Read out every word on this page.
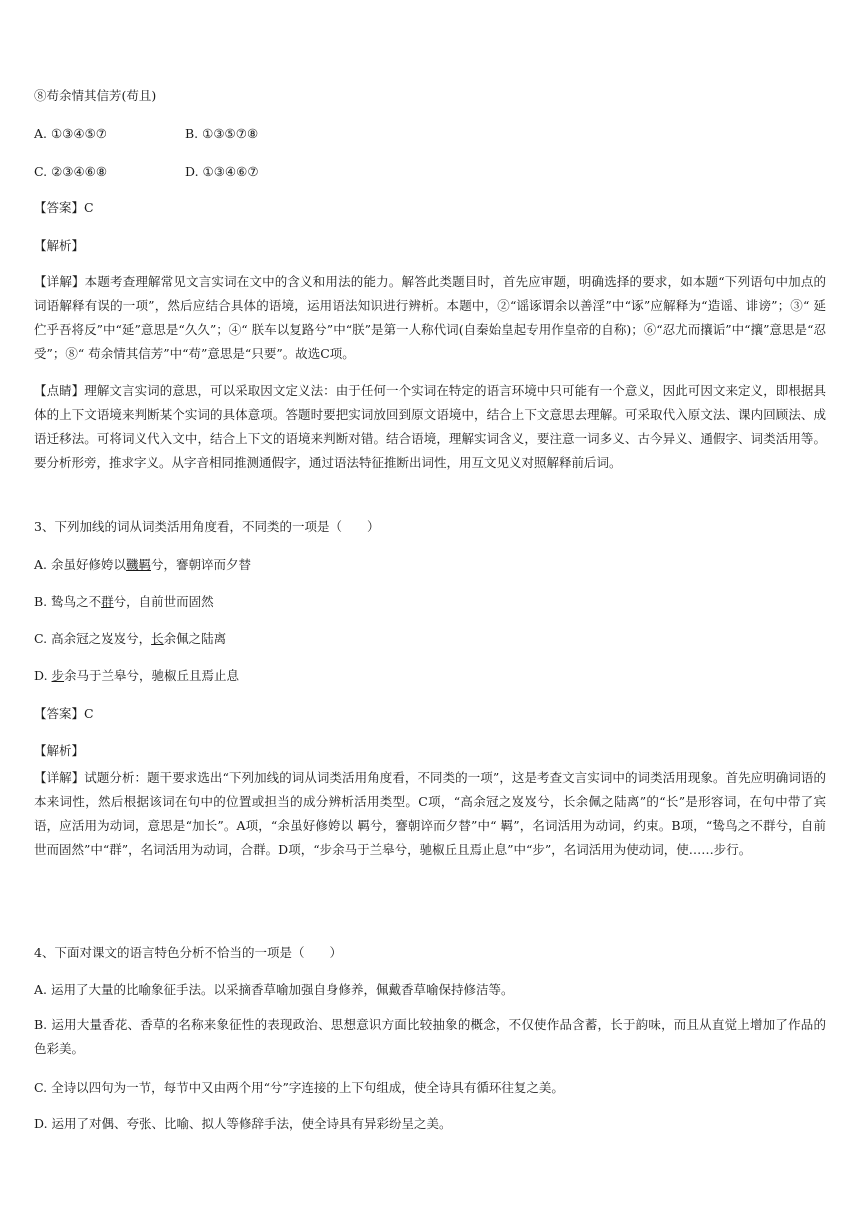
⑧苟余情其信芳(苟且)
A. ①③④⑤⑦	B. ①③⑤⑦⑧
C. ②③④⑥⑧	D. ①③④⑥⑦
【答案】C
【解析】
【详解】本题考查理解常见文言实词在文中的含义和用法的能力。解答此类题目时，首先应审题，明确选择的要求，如本题“下列语句中加点的词语解释有误的一项”，然后应结合具体的语境，运用语法知识进行辨析。本题中，②“谣诼谓余以善淫”中“诼”应解释为“造谣、诽谤”；③“ 延伫乎吾将反”中“延”意思是“久久”；④“ 朕车以复路兮”中“朕”是第一人称代词(自秦始皇起专用作皇帝的自称)；⑥“忍尤而攘诟”中“攘”意思是“忍受”；⑧“ 苟余情其信芳”中“苟”意思是“只要”。故选C项。
【点睛】理解文言实词的意思，可以采取因文定义法：由于任何一个实词在特定的语言环境中只可能有一个意义，因此可因文来定义，即根据具体的上下文语境来判断某个实词的具体意项。答题时要把实词放回到原文语境中，结合上下文意思去理解。可采取代入原文法、课内回顾法、成语迁移法。可将词义代入文中，结合上下文的语境来判断对错。结合语境，理解实词含义，要注意一词多义、古今异义、通假字、词类活用等。要分析形旁，推求字义。从字音相同推测通假字，通过语法特征推断出词性，用互文见义对照解释前后词。
3、下列加线的词从词类活用角度看，不同类的一项是（　　）
A. 余虽好修姱以鞿羁兮，謇朝谇而夕替
B. 鸷鸟之不群兮，自前世而固然
C. 高余冠之岌岌兮，长余佩之陆离
D. 步余马于兰皋兮，驰椒丘且焉止息
【答案】C
【解析】
【详解】试题分析：题干要求选出“下列加线的词从词类活用角度看，不同类的一项”，这是考查文言实词中的词类活用现象。首先应明确词语的本来词性，然后根据该词在句中的位置或担当的成分辨析活用类型。C项，“高余冠之岌岌兮，长余佩之陆离”的“长”是形容词，在句中带了宾语，应活用为动词，意思是“加长”。A项，“余虽好修姱以 羁兮，謇朝谇而夕替”中“ 羁”，名词活用为动词，约束。B项，“鸷鸟之不群兮，自前世而固然”中“群”，名词活用为动词，合群。D项，“步余马于兰皋兮，驰椒丘且焉止息”中“步”，名词活用为使动词，使……步行。
4、下面对课文的语言特色分析不恰当的一项是（　　）
A. 运用了大量的比喻象征手法。以采摘香草喻加强自身修养，佩戴香草喻保持修洁等。
B. 运用大量香花、香草的名称来象征性的表现政治、思想意识方面比较抽象的概念，不仅使作品含蓄，长于韵味，而且从直觉上增加了作品的色彩美。
C. 全诗以四句为一节，每节中又由两个用“兮”字连接的上下句组成，使全诗具有循环往复之美。
D. 运用了对偶、夸张、比喻、拟人等修辞手法，使全诗具有异彩纷呈之美。
